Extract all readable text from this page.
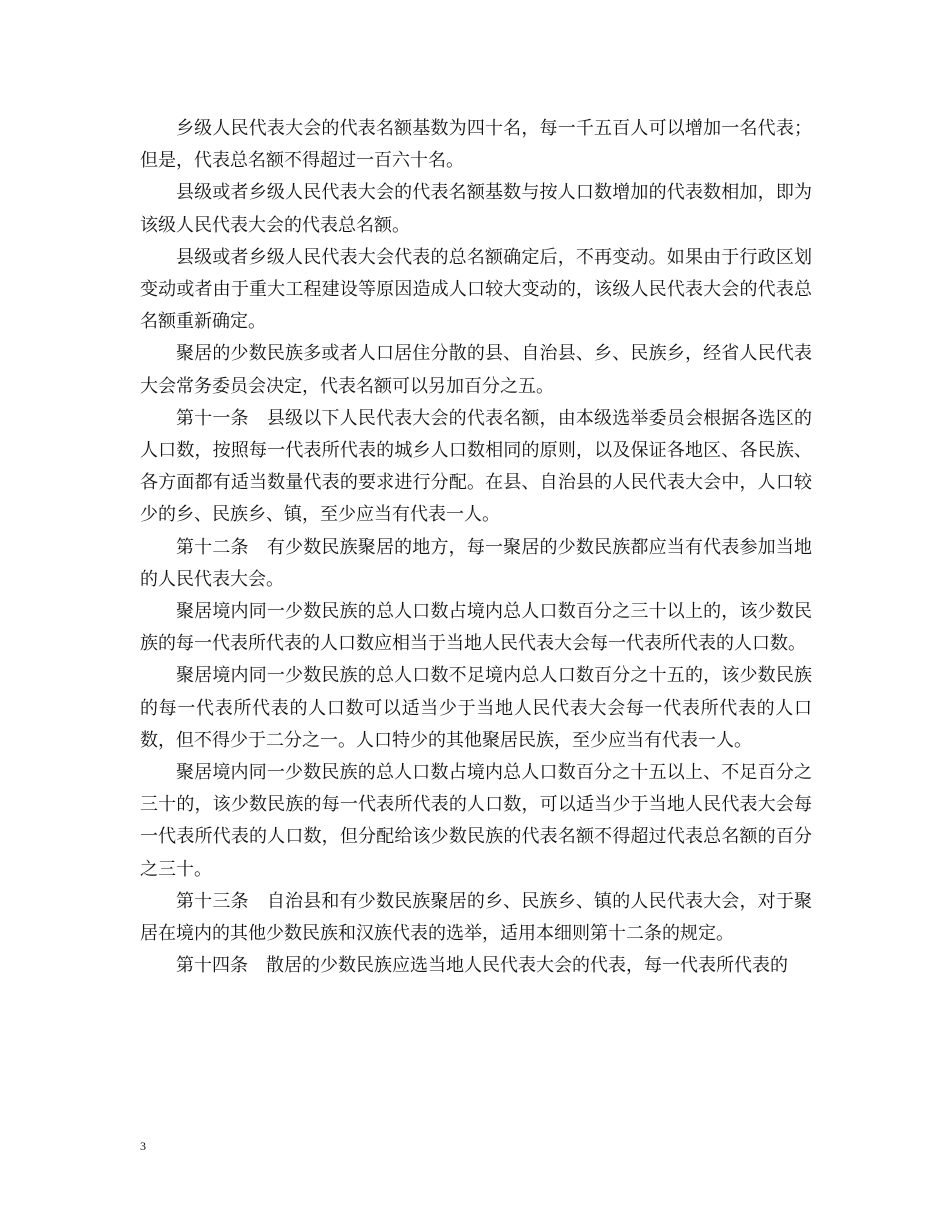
乡级人民代表大会的代表名额基数为四十名，每一千五百人可以增加一名代表；但是，代表总名额不得超过一百六十名。

县级或者乡级人民代表大会的代表名额基数与按人口数增加的代表数相加，即为该级人民代表大会的代表总名额。

县级或者乡级人民代表大会代表的总名额确定后，不再变动。如果由于行政区划变动或者由于重大工程建设等原因造成人口较大变动的，该级人民代表大会的代表总名额重新确定。

聚居的少数民族多或者人口居住分散的县、自治县、乡、民族乡，经省人民代表大会常务委员会决定，代表名额可以另加百分之五。

第十一条　县级以下人民代表大会的代表名额，由本级选举委员会根据各选区的人口数，按照每一代表所代表的城乡人口数相同的原则，以及保证各地区、各民族、各方面都有适当数量代表的要求进行分配。在县、自治县的人民代表大会中，人口较少的乡、民族乡、镇，至少应当有代表一人。

第十二条　有少数民族聚居的地方，每一聚居的少数民族都应当有代表参加当地的人民代表大会。

聚居境内同一少数民族的总人口数占境内总人口数百分之三十以上的，该少数民族的每一代表所代表的人口数应相当于当地人民代表大会每一代表所代表的人口数。

聚居境内同一少数民族的总人口数不足境内总人口数百分之十五的，该少数民族的每一代表所代表的人口数可以适当少于当地人民代表大会每一代表所代表的人口数，但不得少于二分之一。人口特少的其他聚居民族，至少应当有代表一人。

聚居境内同一少数民族的总人口数占境内总人口数百分之十五以上、不足百分之三十的，该少数民族的每一代表所代表的人口数，可以适当少于当地人民代表大会每一代表所代表的人口数，但分配给该少数民族的代表名额不得超过代表总名额的百分之三十。

第十三条　自治县和有少数民族聚居的乡、民族乡、镇的人民代表大会，对于聚居在境内的其他少数民族和汉族代表的选举，适用本细则第十二条的规定。

第十四条　散居的少数民族应选当地人民代表大会的代表，每一代表所代表的

3
